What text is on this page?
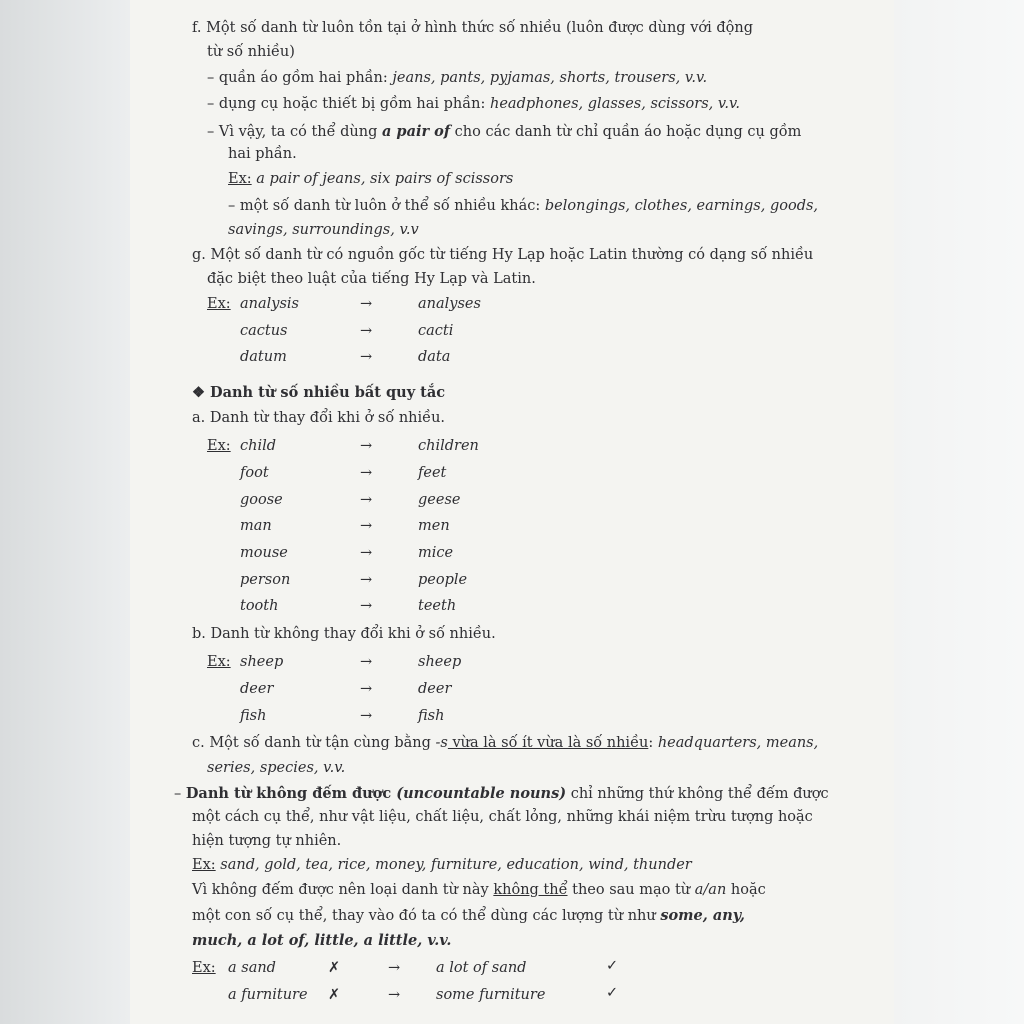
f. Một số danh từ luôn tồn tại ở hình thức số nhiều (luôn được dùng với động
từ số nhiều)
– quần áo gồm hai phần: jeans, pants, pyjamas, shorts, trousers, v.v.
– dụng cụ hoặc thiết bị gồm hai phần: headphones, glasses, scissors, v.v.
– Vì vậy, ta có thể dùng a pair of cho các danh từ chỉ quần áo hoặc dụng cụ gồm
hai phần.
Ex: a pair of jeans, six pairs of scissors
– một số danh từ luôn ở thể số nhiều khác: belongings, clothes, earnings, goods,
savings, surroundings, v.v
g. Một số danh từ có nguồn gốc từ tiếng Hy Lạp hoặc Latin thường có dạng số nhiều
đặc biệt theo luật của tiếng Hy Lạp và Latin.
Ex: analysis	→	analyses
cactus	→	cacti
datum	→	data
❖ Danh từ số nhiều bất quy tắc
a. Danh từ thay đổi khi ở số nhiều.
Ex: child	→	children
foot	→	feet
goose	→	geese
man	→	men
mouse	→	mice
person	→	people
tooth	→	teeth
b. Danh từ không thay đổi khi ở số nhiều.
Ex: sheep	→	sheep
deer	→	deer
fish	→	fish
c. Một số danh từ tận cùng bằng -s vừa là số ít vừa là số nhiều: headquarters, means,
series, species, v.v.
– Danh từ không đếm được (uncountable nouns) chỉ những thứ không thể đếm được
một cách cụ thể, như vật liệu, chất liệu, chất lỏng, những khái niệm trừu tượng hoặc
hiện tượng tự nhiên.
Ex: sand, gold, tea, rice, money, furniture, education, wind, thunder
Vì không đếm được nên loại danh từ này không thể theo sau mạo từ a/an hoặc
một con số cụ thể, thay vào đó ta có thể dùng các lượng từ như some, any,
much, a lot of, little, a little, v.v.
Ex: a sand	✗	→ a lot of sand	✓
a furniture ✗	→ some furniture	✓
